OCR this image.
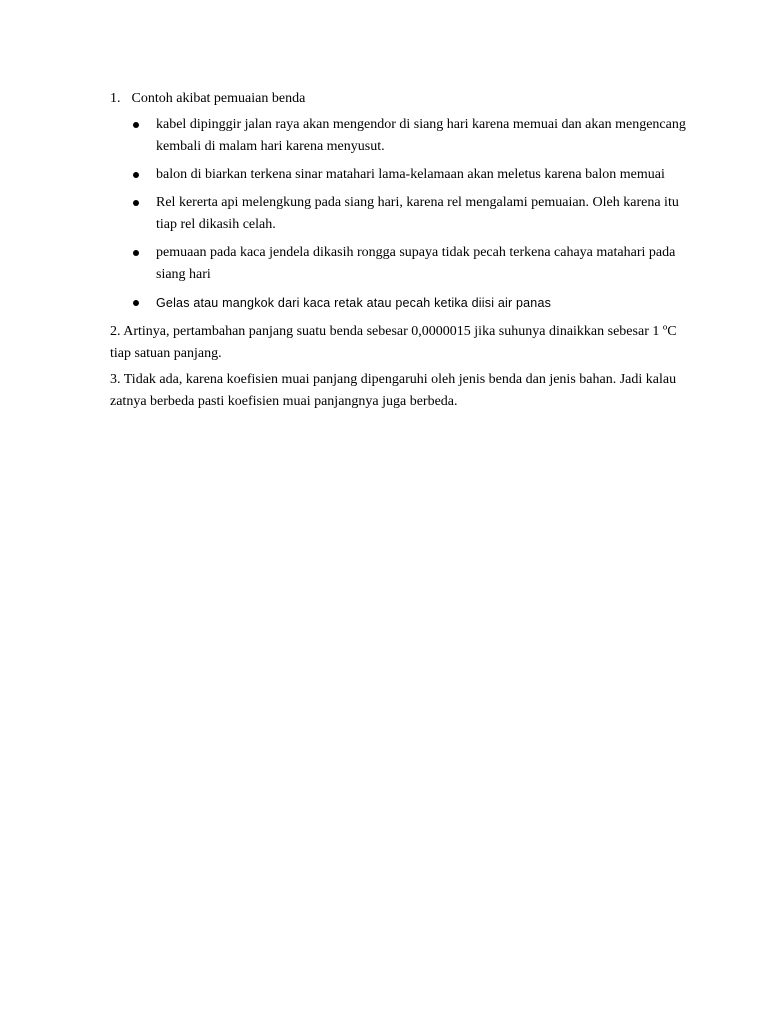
1. Contoh akibat pemuaian benda
kabel dipinggir jalan raya akan mengendor di siang hari karena memuai dan akan mengencang kembali di malam hari karena menyusut.
balon di biarkan terkena sinar matahari lama-kelamaan akan meletus karena balon memuai
Rel kererta api melengkung pada siang hari, karena rel mengalami pemuaian. Oleh karena itu tiap rel dikasih celah.
pemuaan pada kaca jendela dikasih rongga supaya tidak pecah terkena cahaya matahari pada siang hari
Gelas atau mangkok dari kaca retak atau pecah ketika diisi air panas

2. Artinya, pertambahan panjang suatu benda sebesar 0,0000015 jika suhunya dinaikkan sebesar 1 ºC tiap satuan panjang.

3. Tidak ada, karena koefisien muai panjang dipengaruhi oleh jenis benda dan jenis bahan. Jadi kalau zatnya berbeda pasti koefisien muai panjangnya juga berbeda.
